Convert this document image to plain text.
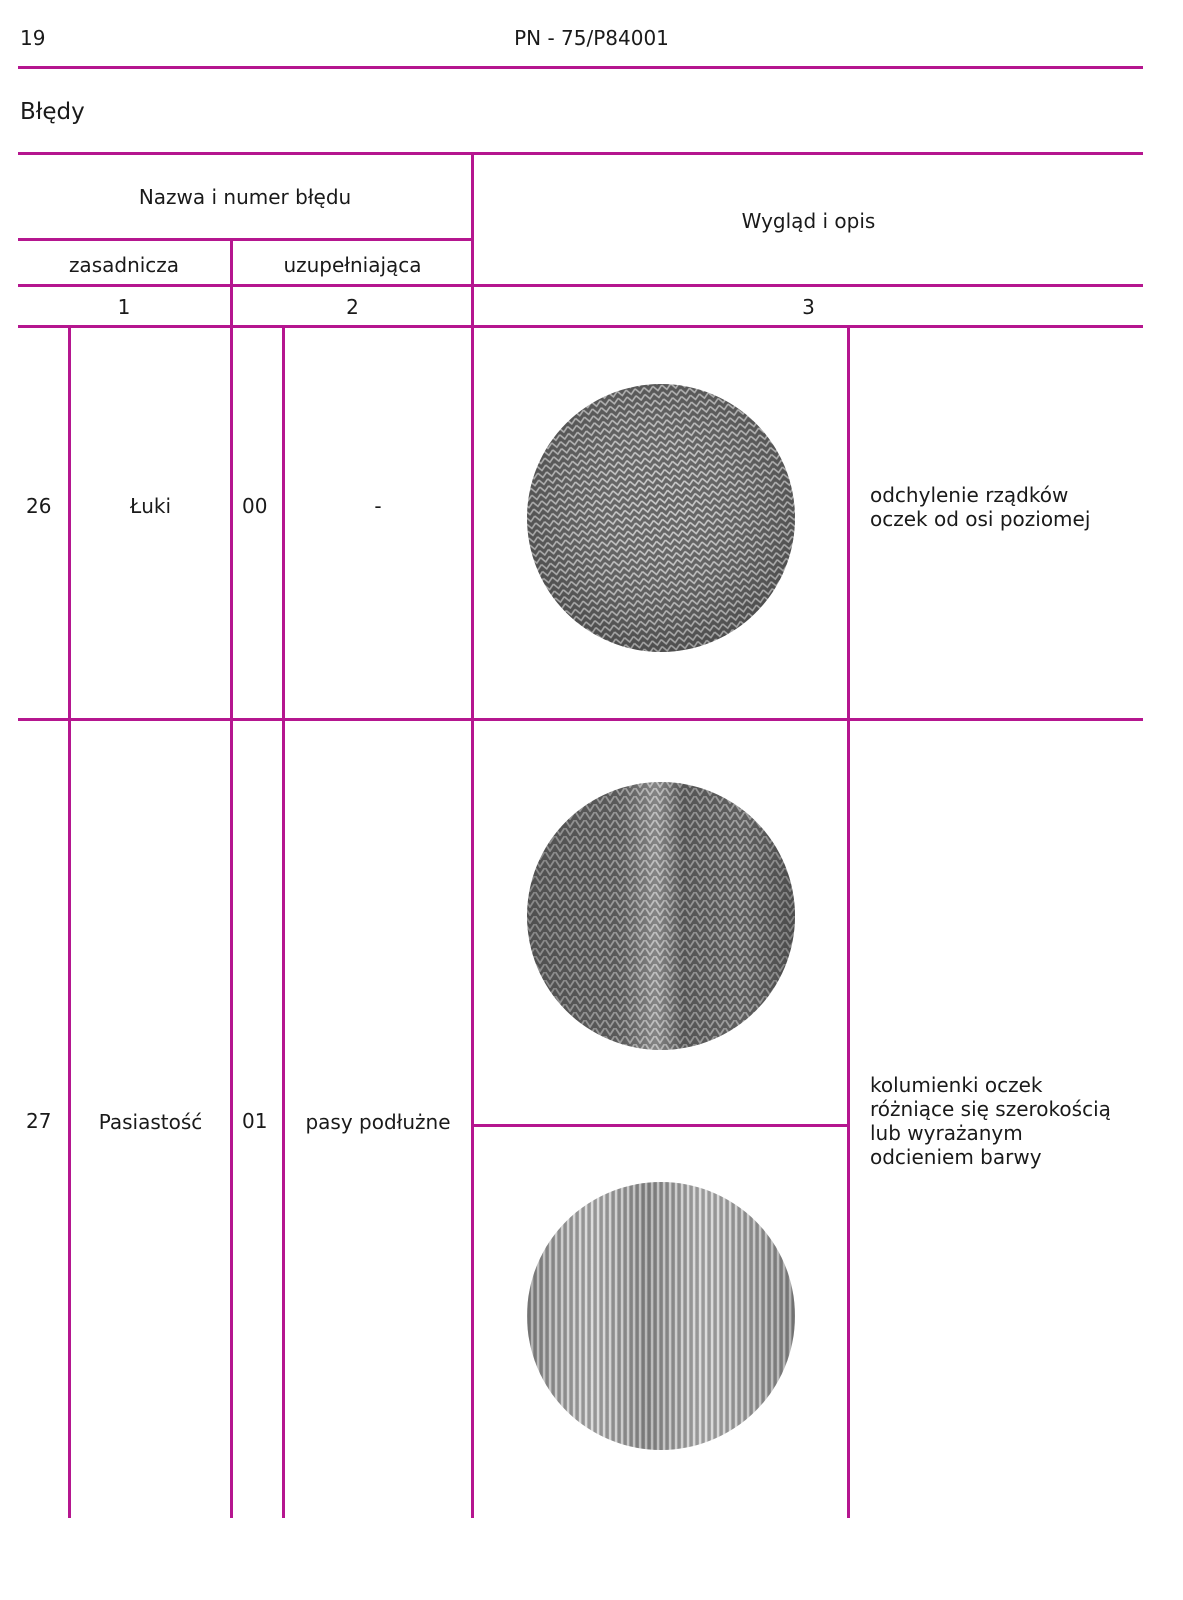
19	PN - 75/P84001
Błędy
Nazwa i numer błędu
Wygląd i opis
zasadnicza	uzupełniająca
1	2	3
26	Łuki	00	-	odchylenie rządków
oczek od osi poziomej
27	Pasiastość	01	pasy podłużne
kolumienki oczek
różniące się szerokością
lub wyrażanym
odcieniem barwy
